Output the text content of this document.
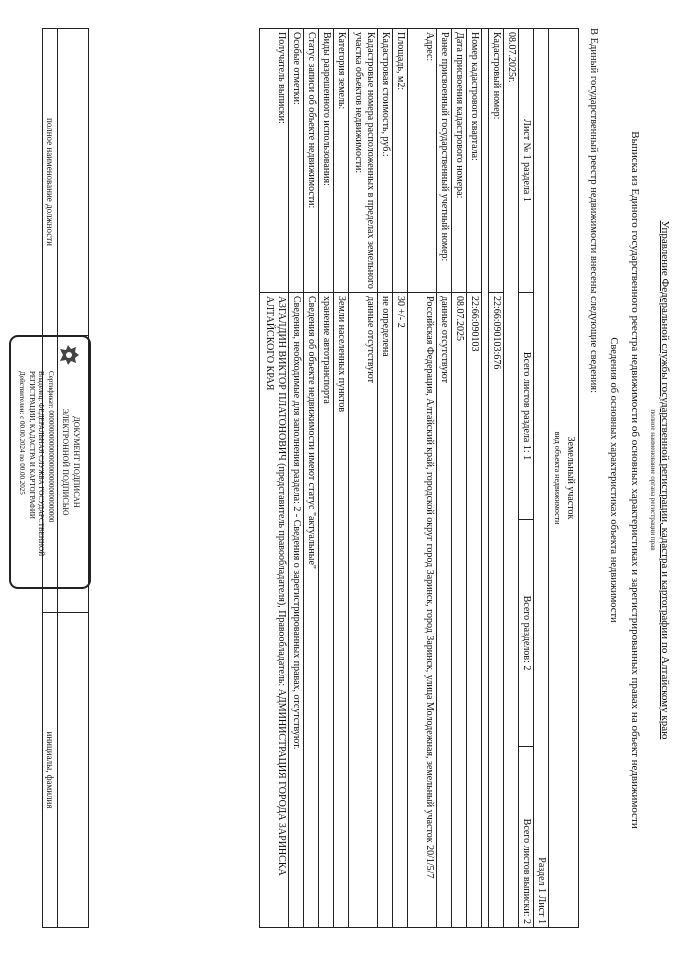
Управление Федеральной службы государственной регистрации, кадастра и картографии по Алтайскому краю
полное наименование органа регистрации прав
Выписка из Единого государственного реестра недвижимости об основных характеристиках и зарегистрированных правах на объект недвижимости
Сведения об основных характеристиках объекта недвижимости
В Единый государственный реестр недвижимости внесены следующие сведения:
Земельный участок			
вид объекта недвижимости			
Раздел 1 Лист 1			
Лист № 1 раздела 1	Всего листов раздела 1: 1	Всего разделов: 2	Всего листов выписки: 2
08.07.2025г.			
Кадастровый номер:	22:66:090103:676		

Номер кадастрового квартала:	22:66:090103		
Дата присвоения кадастрового номера:	08.07.2025		
Ранее присвоенный государственный учетный номер:	данные отсутствуют		
Адрес:	Российская Федерация, Алтайский край, городской округ город Заринск, город Заринск, улица Молодежная, земельный участок 20/1/5/7		
Площадь, м2:	30 +/- 2		
Кадастровая стоимость, руб.:	не определена		
Кадастровые номера расположенных в пределах земельного участка объектов недвижимости:	данные отсутствуют		
Категория земель:	Земли населенных пунктов		
Виды разрешенного использования:	хранение автотранспорта		
Статус записи об объекте недвижимости:	Сведения об объекте недвижимости имеют статус "актуальные"		
Особые отметки:	Сведения, необходимые для заполнения раздела: 2 - Сведения о зарегистрированных правах, отсутствуют.		
Получатель выписки:	АЗГАЛДИН ВИКТОР ПЛАТОНОВИЧ (представитель правообладателя), Правообладатель: АДМИНИСТРАЦИЯ ГОРОДА ЗАРИНСКА АЛТАЙСКОГО КРАЯ		

полное наименование должности		инициалы, фамилия
ДОКУМЕНТ ПОДПИСАН
ЭЛЕКТРОННОЙ ПОДПИСЬЮ
Сертификат: 00000000000000000000000000000000
Владелец: ФЕДЕРАЛЬНАЯ СЛУЖБА ГОСУДАРСТВЕННОЙ
РЕГИСТРАЦИИ, КАДАСТРА И КАРТОГРАФИИ
Действителен: с 00.00.2024 по 00.00.2025
